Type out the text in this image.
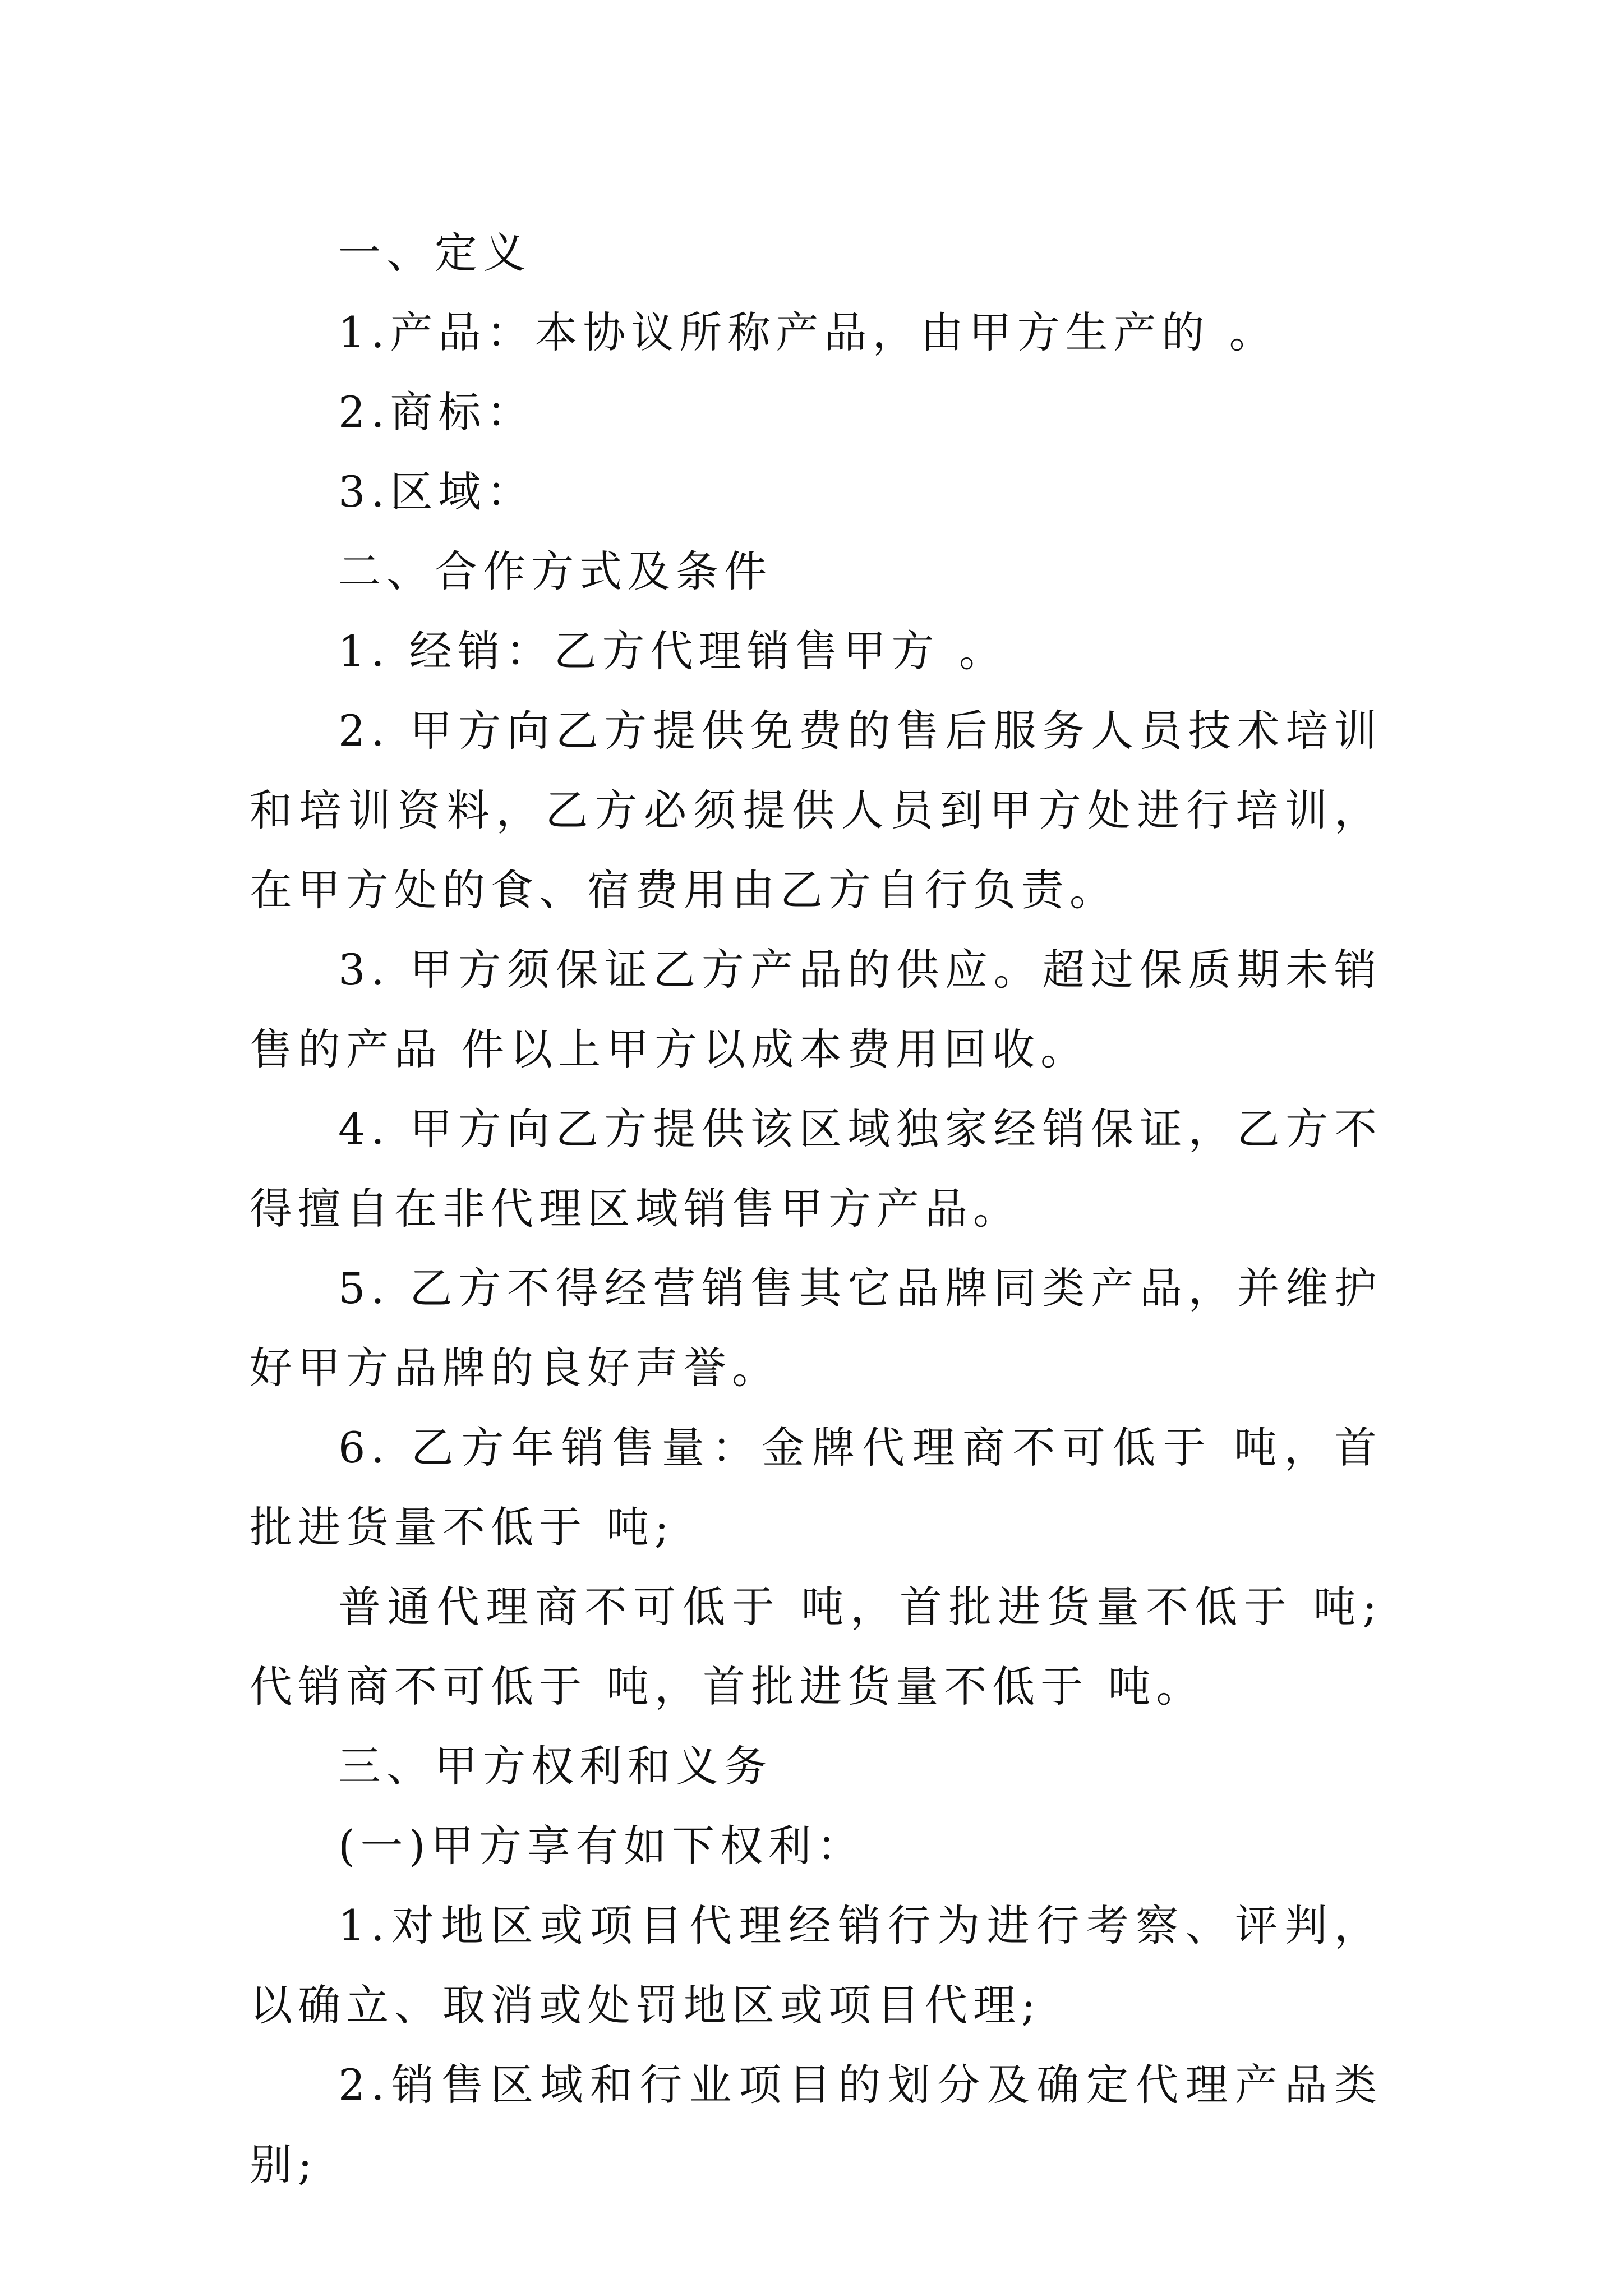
一、定义

1.产品：本协议所称产品，由甲方生产的 。

2.商标：

3.区域：

二、合作方式及条件

1. 经销：乙方代理销售甲方 。

2. 甲方向乙方提供免费的售后服务人员技术培训和培训资料，乙方必须提供人员到甲方处进行培训，在甲方处的食、宿费用由乙方自行负责。

3. 甲方须保证乙方产品的供应。超过保质期未销售的产品 件以上甲方以成本费用回收。

4. 甲方向乙方提供该区域独家经销保证，乙方不得擅自在非代理区域销售甲方产品。

5. 乙方不得经营销售其它品牌同类产品，并维护好甲方品牌的良好声誉。

6. 乙方年销售量：金牌代理商不可低于 吨，首批进货量不低于 吨;

普通代理商不可低于 吨，首批进货量不低于 吨;代销商不可低于 吨，首批进货量不低于 吨。

三、甲方权利和义务

(一)甲方享有如下权利：

1.对地区或项目代理经销行为进行考察、评判，以确立、取消或处罚地区或项目代理;

2.销售区域和行业项目的划分及确定代理产品类别;
